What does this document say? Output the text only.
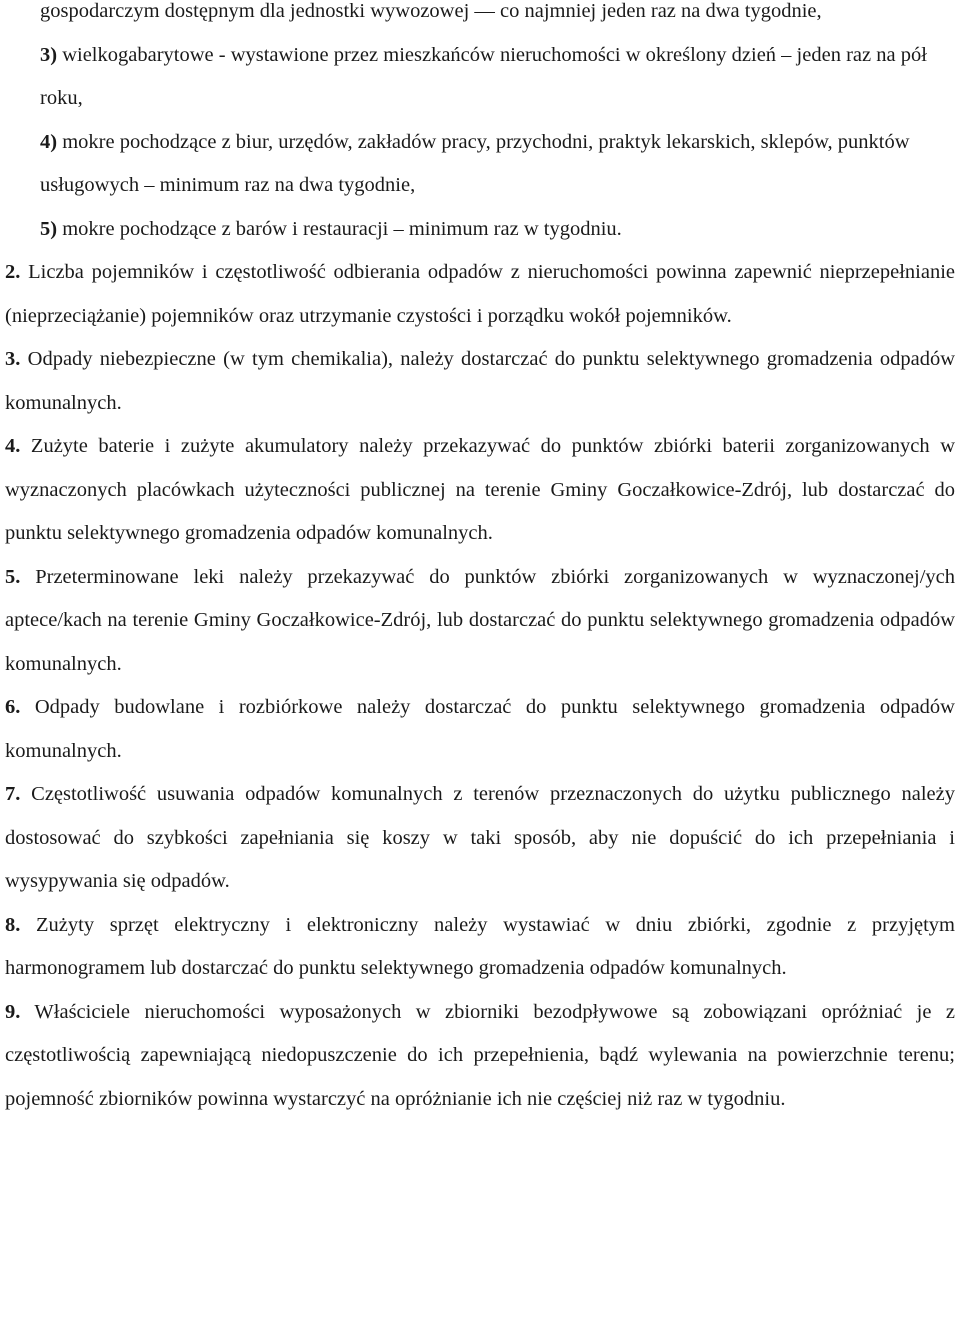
gospodarczym dostępnym dla jednostki wywozowej — co najmniej jeden raz na dwa tygodnie,

3) wielkogabarytowe - wystawione przez mieszkańców nieruchomości w określony dzień – jeden raz na pół roku,

4) mokre pochodzące z biur, urzędów, zakładów pracy, przychodni, praktyk lekarskich, sklepów, punktów usługowych – minimum raz na dwa tygodnie,

5) mokre pochodzące z barów i restauracji – minimum raz w tygodniu.

2. Liczba pojemników i częstotliwość odbierania odpadów z nieruchomości powinna zapewnić nieprzepełnianie (nieprzeciążanie) pojemników oraz utrzymanie czystości i porządku wokół pojemników.

3. Odpady niebezpieczne (w tym chemikalia), należy dostarczać do punktu selektywnego gromadzenia odpadów komunalnych.

4. Zużyte baterie i zużyte akumulatory należy przekazywać do punktów zbiórki baterii zorganizowanych w wyznaczonych placówkach użyteczności publicznej na terenie Gminy Goczałkowice-Zdrój, lub dostarczać do punktu selektywnego gromadzenia odpadów komunalnych.

5. Przeterminowane leki należy przekazywać do punktów zbiórki zorganizowanych w wyznaczonej/ych aptece/kach na terenie Gminy Goczałkowice-Zdrój, lub dostarczać do punktu selektywnego gromadzenia odpadów komunalnych.

6. Odpady budowlane i rozbiórkowe należy dostarczać do punktu selektywnego gromadzenia odpadów komunalnych.

7. Częstotliwość usuwania odpadów komunalnych z terenów przeznaczonych do użytku publicznego należy dostosować do szybkości zapełniania się koszy w taki sposób, aby nie dopuścić do ich przepełniania i wysypywania się odpadów.

8. Zużyty sprzęt elektryczny i elektroniczny należy wystawiać w dniu zbiórki, zgodnie z przyjętym harmonogramem lub dostarczać do punktu selektywnego gromadzenia odpadów komunalnych.

9. Właściciele nieruchomości wyposażonych w zbiorniki bezodpływowe są zobowiązani opróżniać je z częstotliwością zapewniającą niedopuszczenie do ich przepełnienia, bądź wylewania na powierzchnie terenu; pojemność zbiorników powinna wystarczyć na opróżnianie ich nie częściej niż raz w tygodniu.
